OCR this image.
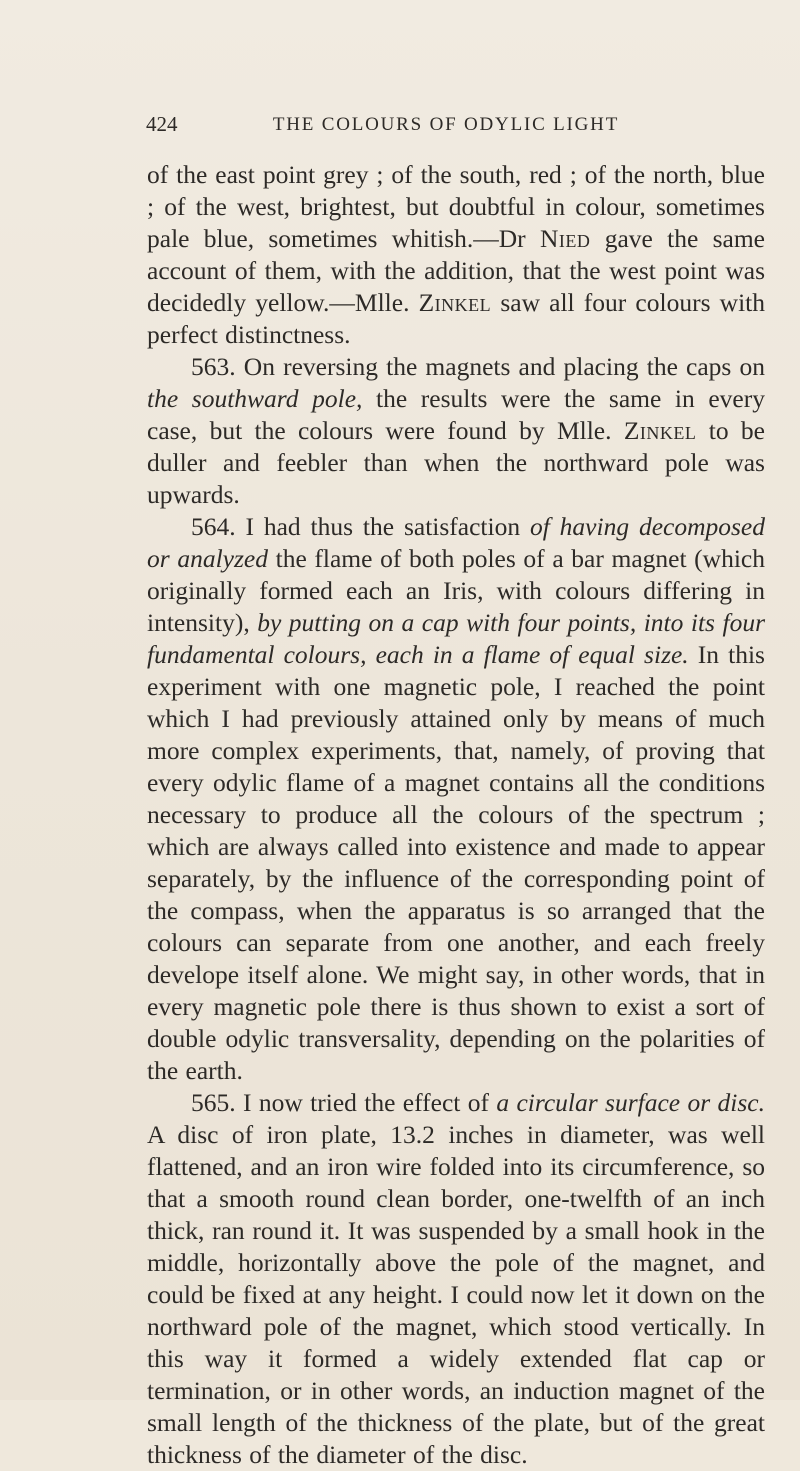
424	THE COLOURS OF ODYLIC LIGHT

of the east point grey ; of the south, red ; of the north, blue ; of the west, brightest, but doubtful in colour, sometimes pale blue, sometimes whitish.—Dr Nied gave the same account of them, with the addition, that the west point was decidedly yellow.—Mlle. Zinkel saw all four colours with perfect distinctness.

563. On reversing the magnets and placing the caps on the southward pole, the results were the same in every case, but the colours were found by Mlle. Zinkel to be duller and feebler than when the northward pole was upwards.

564. I had thus the satisfaction of having decomposed or analyzed the flame of both poles of a bar magnet (which originally formed each an Iris, with colours differing in intensity), by putting on a cap with four points, into its four fundamental colours, each in a flame of equal size. In this experiment with one magnetic pole, I reached the point which I had previously attained only by means of much more complex experiments, that, namely, of proving that every odylic flame of a magnet contains all the conditions necessary to produce all the colours of the spectrum ; which are always called into existence and made to appear separately, by the influence of the corresponding point of the compass, when the apparatus is so arranged that the colours can separate from one another, and each freely develope itself alone. We might say, in other words, that in every magnetic pole there is thus shown to exist a sort of double odylic transversality, depending on the polarities of the earth.

565. I now tried the effect of a circular surface or disc. A disc of iron plate, 13.2 inches in diameter, was well flattened, and an iron wire folded into its circumference, so that a smooth round clean border, one-twelfth of an inch thick, ran round it. It was suspended by a small hook in the middle, horizontally above the pole of the magnet, and could be fixed at any height. I could now let it down on the northward pole of the magnet, which stood vertically. In this way it formed a widely extended flat cap or termination, or in other words, an induction magnet of the small length of the thickness of the plate, but of the great thickness of the diameter of the disc.
